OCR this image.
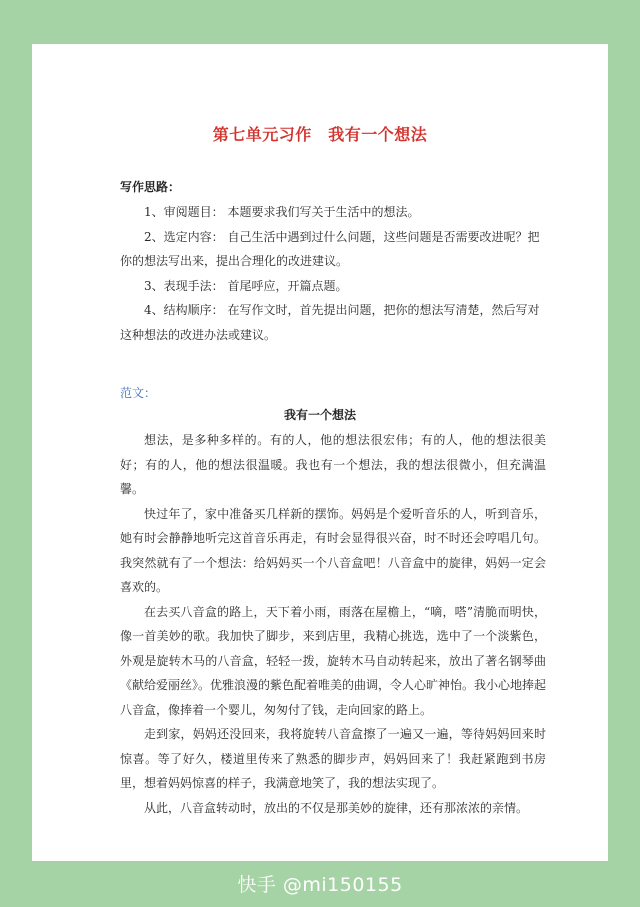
第七单元习作　我有一个想法
写作思路：

1、审阅题目： 本题要求我们写关于生活中的想法。

2、选定内容： 自己生活中遇到过什么问题，这些问题是否需要改进呢？把你的想法写出来，提出合理化的改进建议。

3、表现手法： 首尾呼应，开篇点题。

4、结构顺序： 在写作文时，首先提出问题，把你的想法写清楚，然后写对这种想法的改进办法或建议。

范文：
我有一个想法

想法，是多种多样的。有的人，他的想法很宏伟；有的人，他的想法很美好；有的人，他的想法很温暖。我也有一个想法，我的想法很微小，但充满温馨。

快过年了，家中准备买几样新的摆饰。妈妈是个爱听音乐的人，听到音乐，她有时会静静地听完这首音乐再走，有时会显得很兴奋，时不时还会哼唱几句。我突然就有了一个想法：给妈妈买一个八音盒吧！八音盒中的旋律，妈妈一定会喜欢的。

在去买八音盒的路上，天下着小雨，雨落在屋檐上，“嘀，嗒”清脆而明快，像一首美妙的歌。我加快了脚步，来到店里，我精心挑选，选中了一个淡紫色，外观是旋转木马的八音盒，轻轻一拨，旋转木马自动转起来，放出了著名钢琴曲《献给爱丽丝》。优雅浪漫的紫色配着唯美的曲调，令人心旷神怡。我小心地捧起八音盒，像捧着一个婴儿，匆匆付了钱，走向回家的路上。

走到家，妈妈还没回来，我将旋转八音盒擦了一遍又一遍，等待妈妈回来时惊喜。等了好久，楼道里传来了熟悉的脚步声，妈妈回来了！我赶紧跑到书房里，想着妈妈惊喜的样子，我满意地笑了，我的想法实现了。

从此，八音盒转动时，放出的不仅是那美妙的旋律，还有那浓浓的亲情。

快手 @mi150155
